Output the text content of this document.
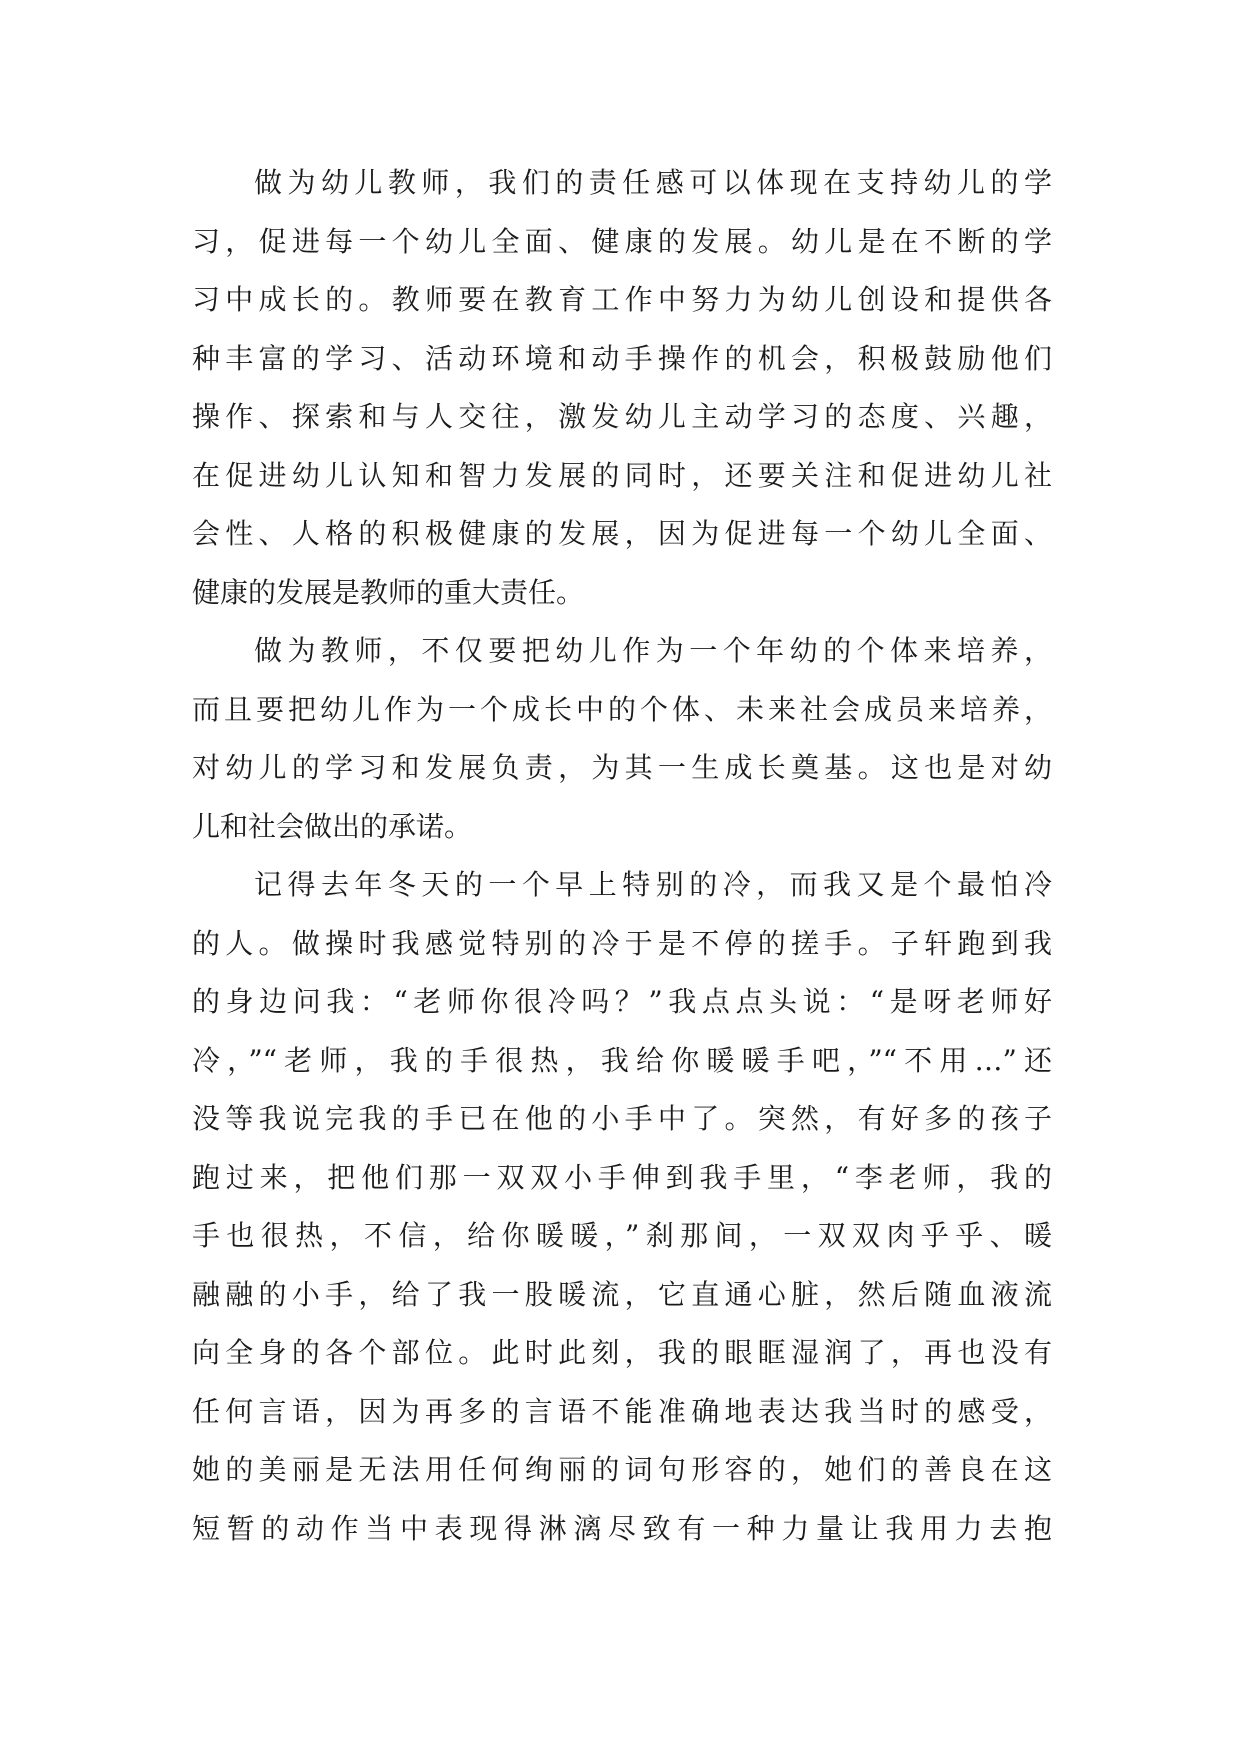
做为幼儿教师，我们的责任感可以体现在支持幼儿的学
习，促进每一个幼儿全面、健康的发展。幼儿是在不断的学
习中成长的。教师要在教育工作中努力为幼儿创设和提供各
种丰富的学习、活动环境和动手操作的机会，积极鼓励他们
操作、探索和与人交往，激发幼儿主动学习的态度、兴趣，
在促进幼儿认知和智力发展的同时，还要关注和促进幼儿社
会性、人格的积极健康的发展，因为促进每一个幼儿全面、
健康的发展是教师的重大责任。
做为教师，不仅要把幼儿作为一个年幼的个体来培养，
而且要把幼儿作为一个成长中的个体、未来社会成员来培养，
对幼儿的学习和发展负责，为其一生成长奠基。这也是对幼
儿和社会做出的承诺。
记得去年冬天的一个早上特别的冷，而我又是个最怕冷
的人。做操时我感觉特别的冷于是不停的搓手。子轩跑到我
的身边问我：“老师你很冷吗？”我点点头说：“是呀老师好
冷，”“老师，我的手很热，我给你暖暖手吧，”“不用…”还
没等我说完我的手已在他的小手中了。突然，有好多的孩子
跑过来，把他们那一双双小手伸到我手里，“李老师，我的
手也很热，不信，给你暖暖，”刹那间，一双双肉乎乎、暖
融融的小手，给了我一股暖流，它直通心脏，然后随血液流
向全身的各个部位。此时此刻，我的眼眶湿润了，再也没有
任何言语，因为再多的言语不能准确地表达我当时的感受，
她的美丽是无法用任何绚丽的词句形容的，她们的善良在这
短暂的动作当中表现得淋漓尽致有一种力量让我用力去抱
